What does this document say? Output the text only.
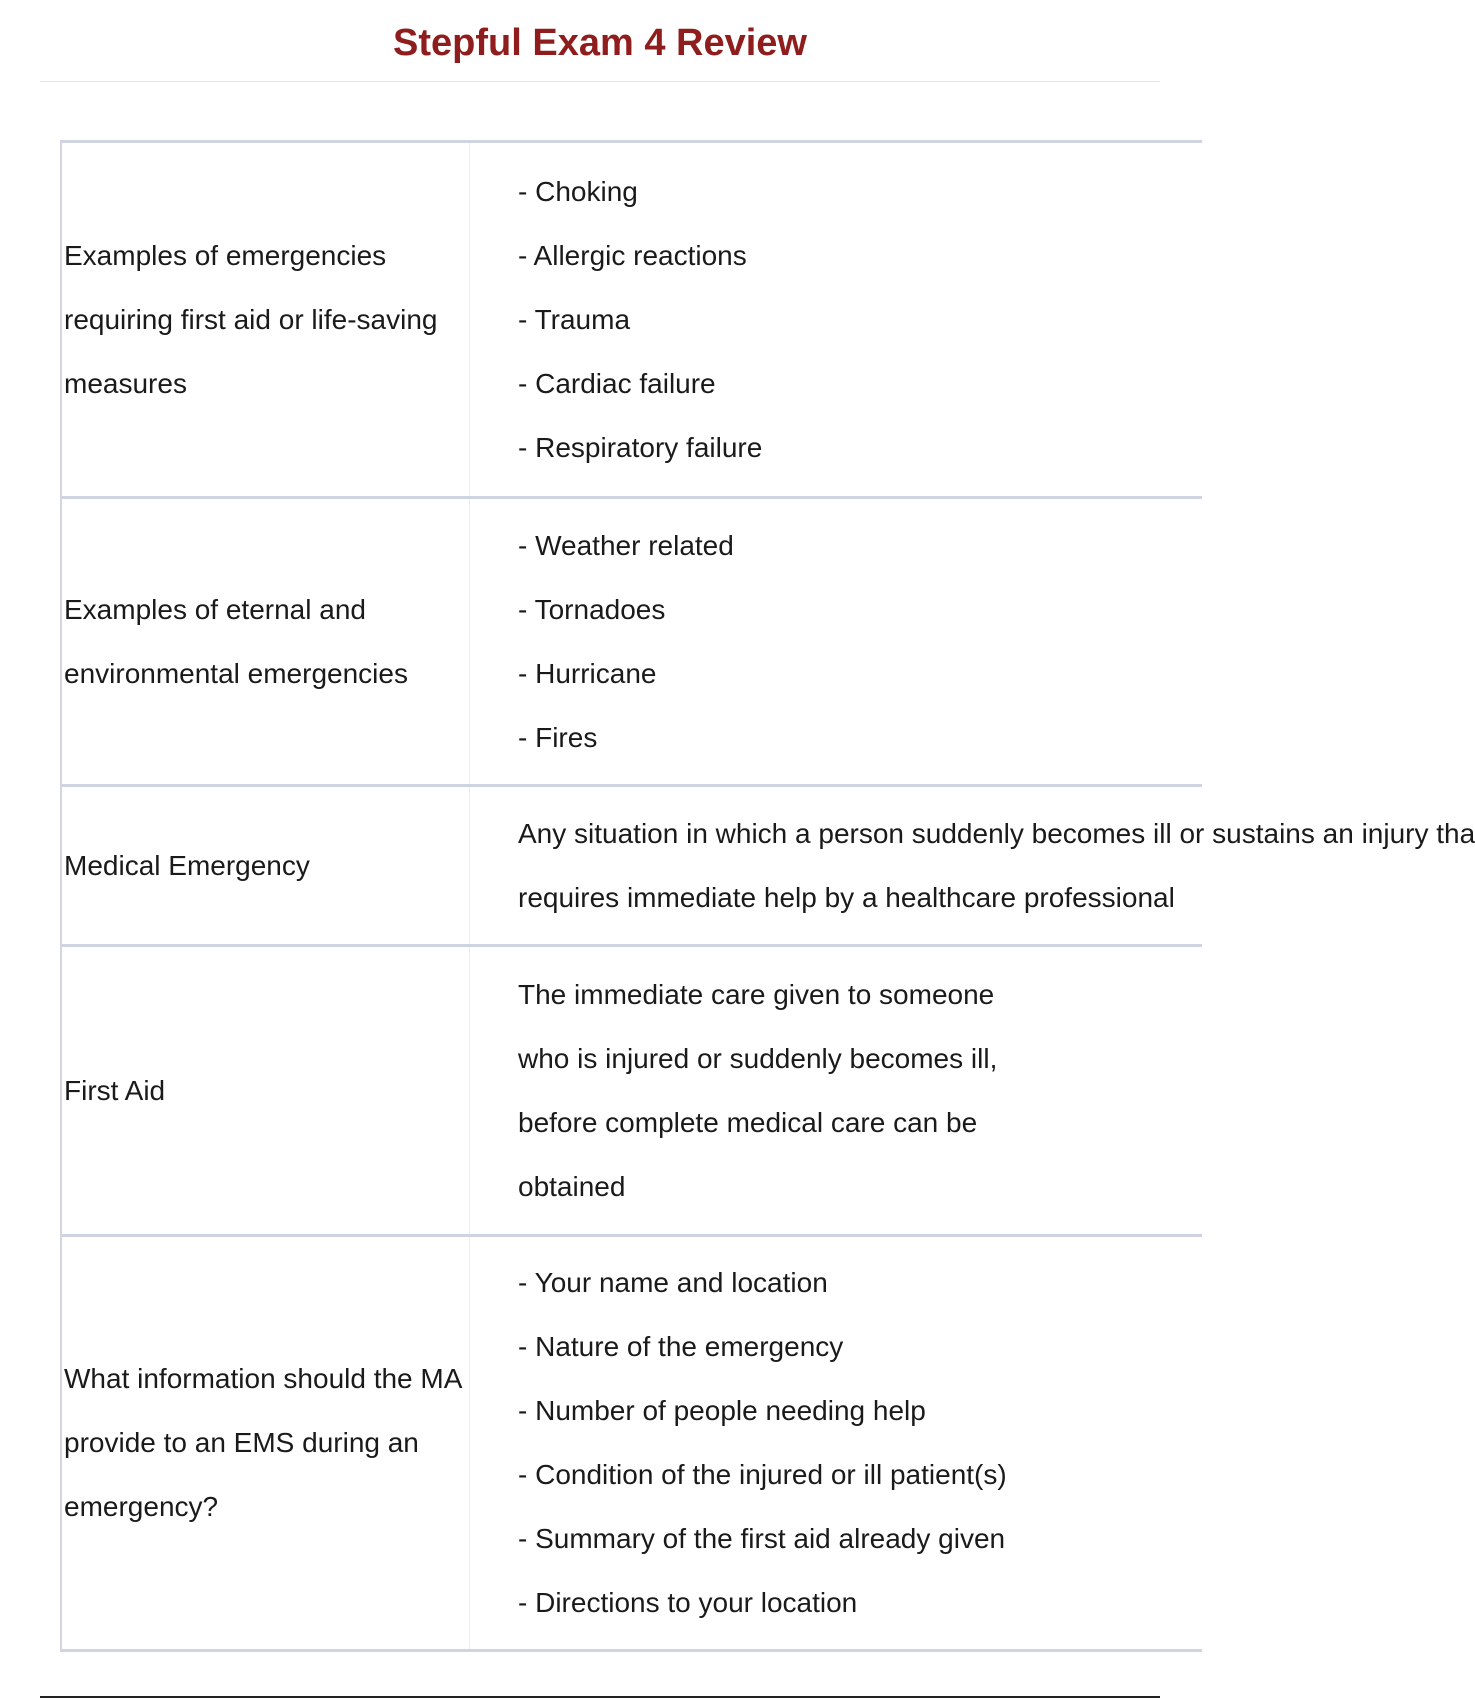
Stepful Exam 4 Review
Examples of emergencies requiring first aid or life-saving measures
- Choking
- Allergic reactions
- Trauma
- Cardiac failure
- Respiratory failure
Examples of eternal and environmental emergencies
- Weather related
- Tornadoes
- Hurricane
- Fires
Medical Emergency
Any situation in which a person suddenly becomes ill or sustains an injury tha
requires immediate help by a healthcare professional
First Aid
The immediate care given to someone
who is injured or suddenly becomes ill,
before complete medical care can be
obtained
What information should the MA provide to an EMS during an emergency?
- Your name and location
- Nature of the emergency
- Number of people needing help
- Condition of the injured or ill patient(s)
- Summary of the first aid already given
- Directions to your location
